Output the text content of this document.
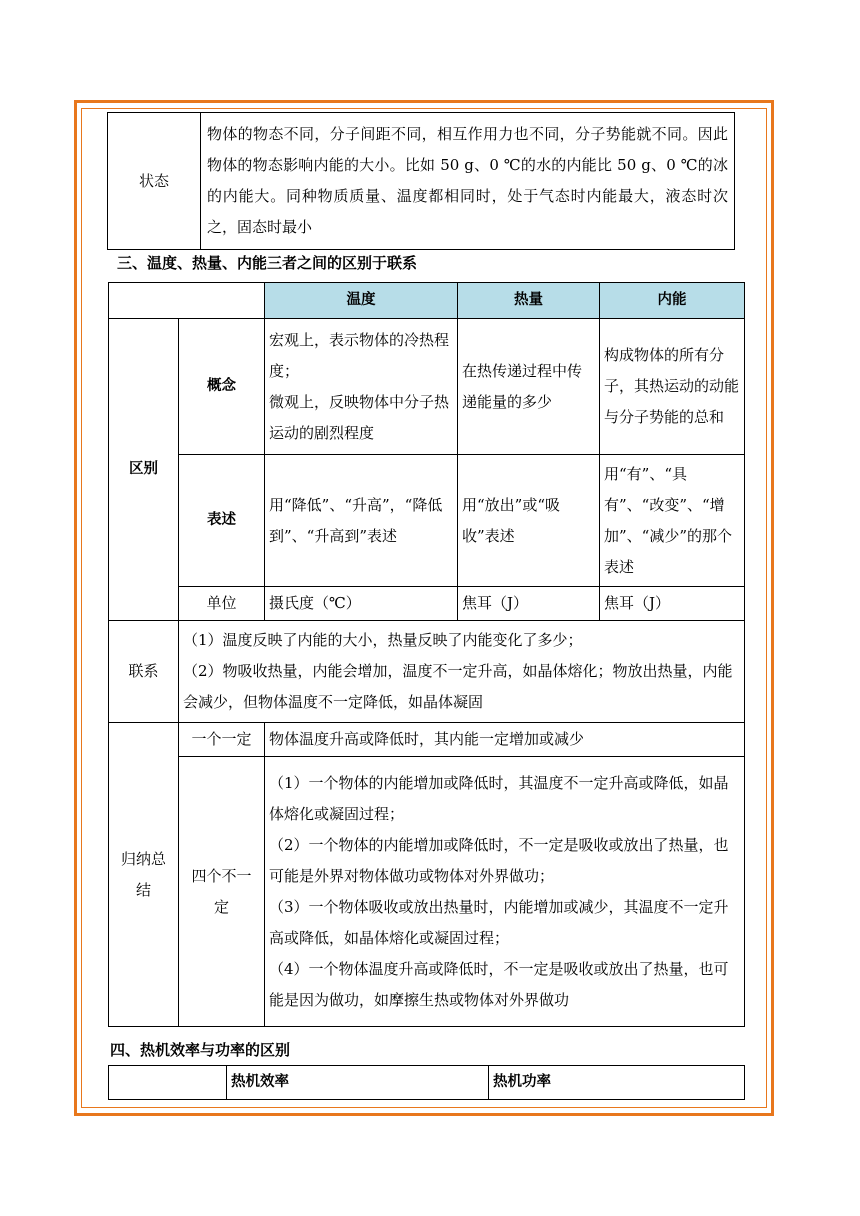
状态	物体的物态不同，分子间距不同，相互作用力也不同，分子势能就不同。因此物体的物态影响内能的大小。比如 50 g、0 ℃的水的内能比 50 g、0 ℃的冰的内能大。同种物质质量、温度都相同时，处于气态时内能最大，液态时次之，固态时最小
三、温度、热量、内能三者之间的区别于联系
		温度	热量	内能
区别	概念	宏观上，表示物体的冷热程度；
微观上，反映物体中分子热运动的剧烈程度	在热传递过程中传递能量的多少	构成物体的所有分子，其热运动的动能与分子势能的总和
	表述	用“降低”、“升高”，“降低到”、“升高到”表述	用“放出”或“吸收”表述	用“有”、“具有”、“改变”、“增加”、“减少”的那个表述
	单位	摄氏度（℃）	焦耳（J）	焦耳（J）
联系	（1）温度反映了内能的大小，热量反映了内能变化了多少；
（2）物吸收热量，内能会增加，温度不一定升高，如晶体熔化；物放出热量，内能会减少，但物体温度不一定降低，如晶体凝固			

归纳总结	一个一定	物体温度升高或降低时，其内能一定增加或减少		
	四个不一定	（1）一个物体的内能增加或降低时，其温度不一定升高或降低，如晶体熔化或凝固过程；
（2）一个物体的内能增加或降低时，不一定是吸收或放出了热量，也可能是外界对物体做功或物体对外界做功；
（3）一个物体吸收或放出热量时，内能增加或减少，其温度不一定升高或降低，如晶体熔化或凝固过程；
（4）一个物体温度升高或降低时，不一定是吸收或放出了热量，也可能是因为做功，如摩擦生热或物体对外界做功		
四、热机效率与功率的区别
	热机效率	热机功率
